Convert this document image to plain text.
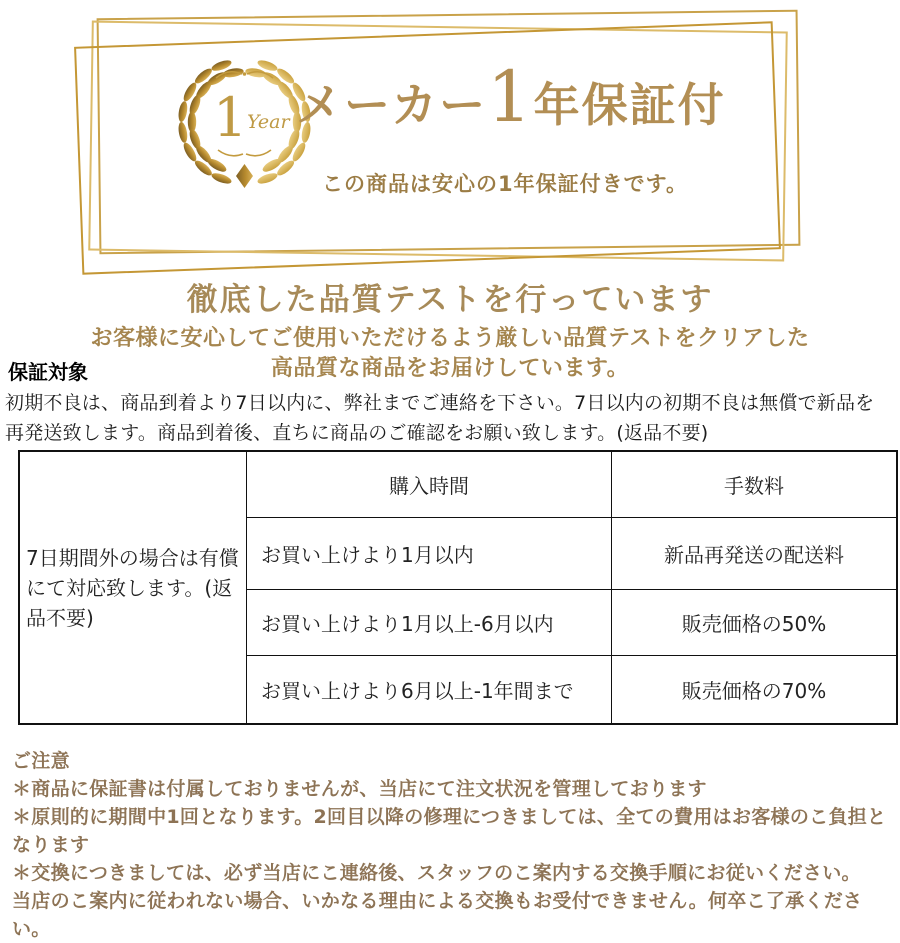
1 Year メーカー 1 年保証付
この商品は安心の1年保証付きです。
徹底した品質テストを行っています
お客様に安心してご使用いただけるよう厳しい品質テストをクリアした
高品質な商品をお届けしています。
保証対象
初期不良は、商品到着より7日以内に、弊社までご連絡を下さい。7日以内の初期不良は無償で新品を
再発送致します。商品到着後、直ちに商品のご確認をお願い致します。(返品不要)
7日期間外の場合は有償にて対応致します。(返品不要)	購入時間	手数料
	お買い上けより1月以内	新品再発送の配送料
	お買い上けより1月以上-6月以内	販売価格の50%
	お買い上けより6月以上-1年間まで	販売価格の70%

ご注意

＊商品に保証書は付属しておりませんが、当店にて注文状況を管理しております

＊原則的に期間中1回となります。2回目以降の修理につきましては、全ての費用はお客様のこ負担となります

＊交換につきましては、必ず当店にこ連絡後、スタッフのこ案内する交換手順にお従いください。

当店のこ案内に従われない場合、いかなる理由による交換もお受付できません。何卒こ了承ください。
